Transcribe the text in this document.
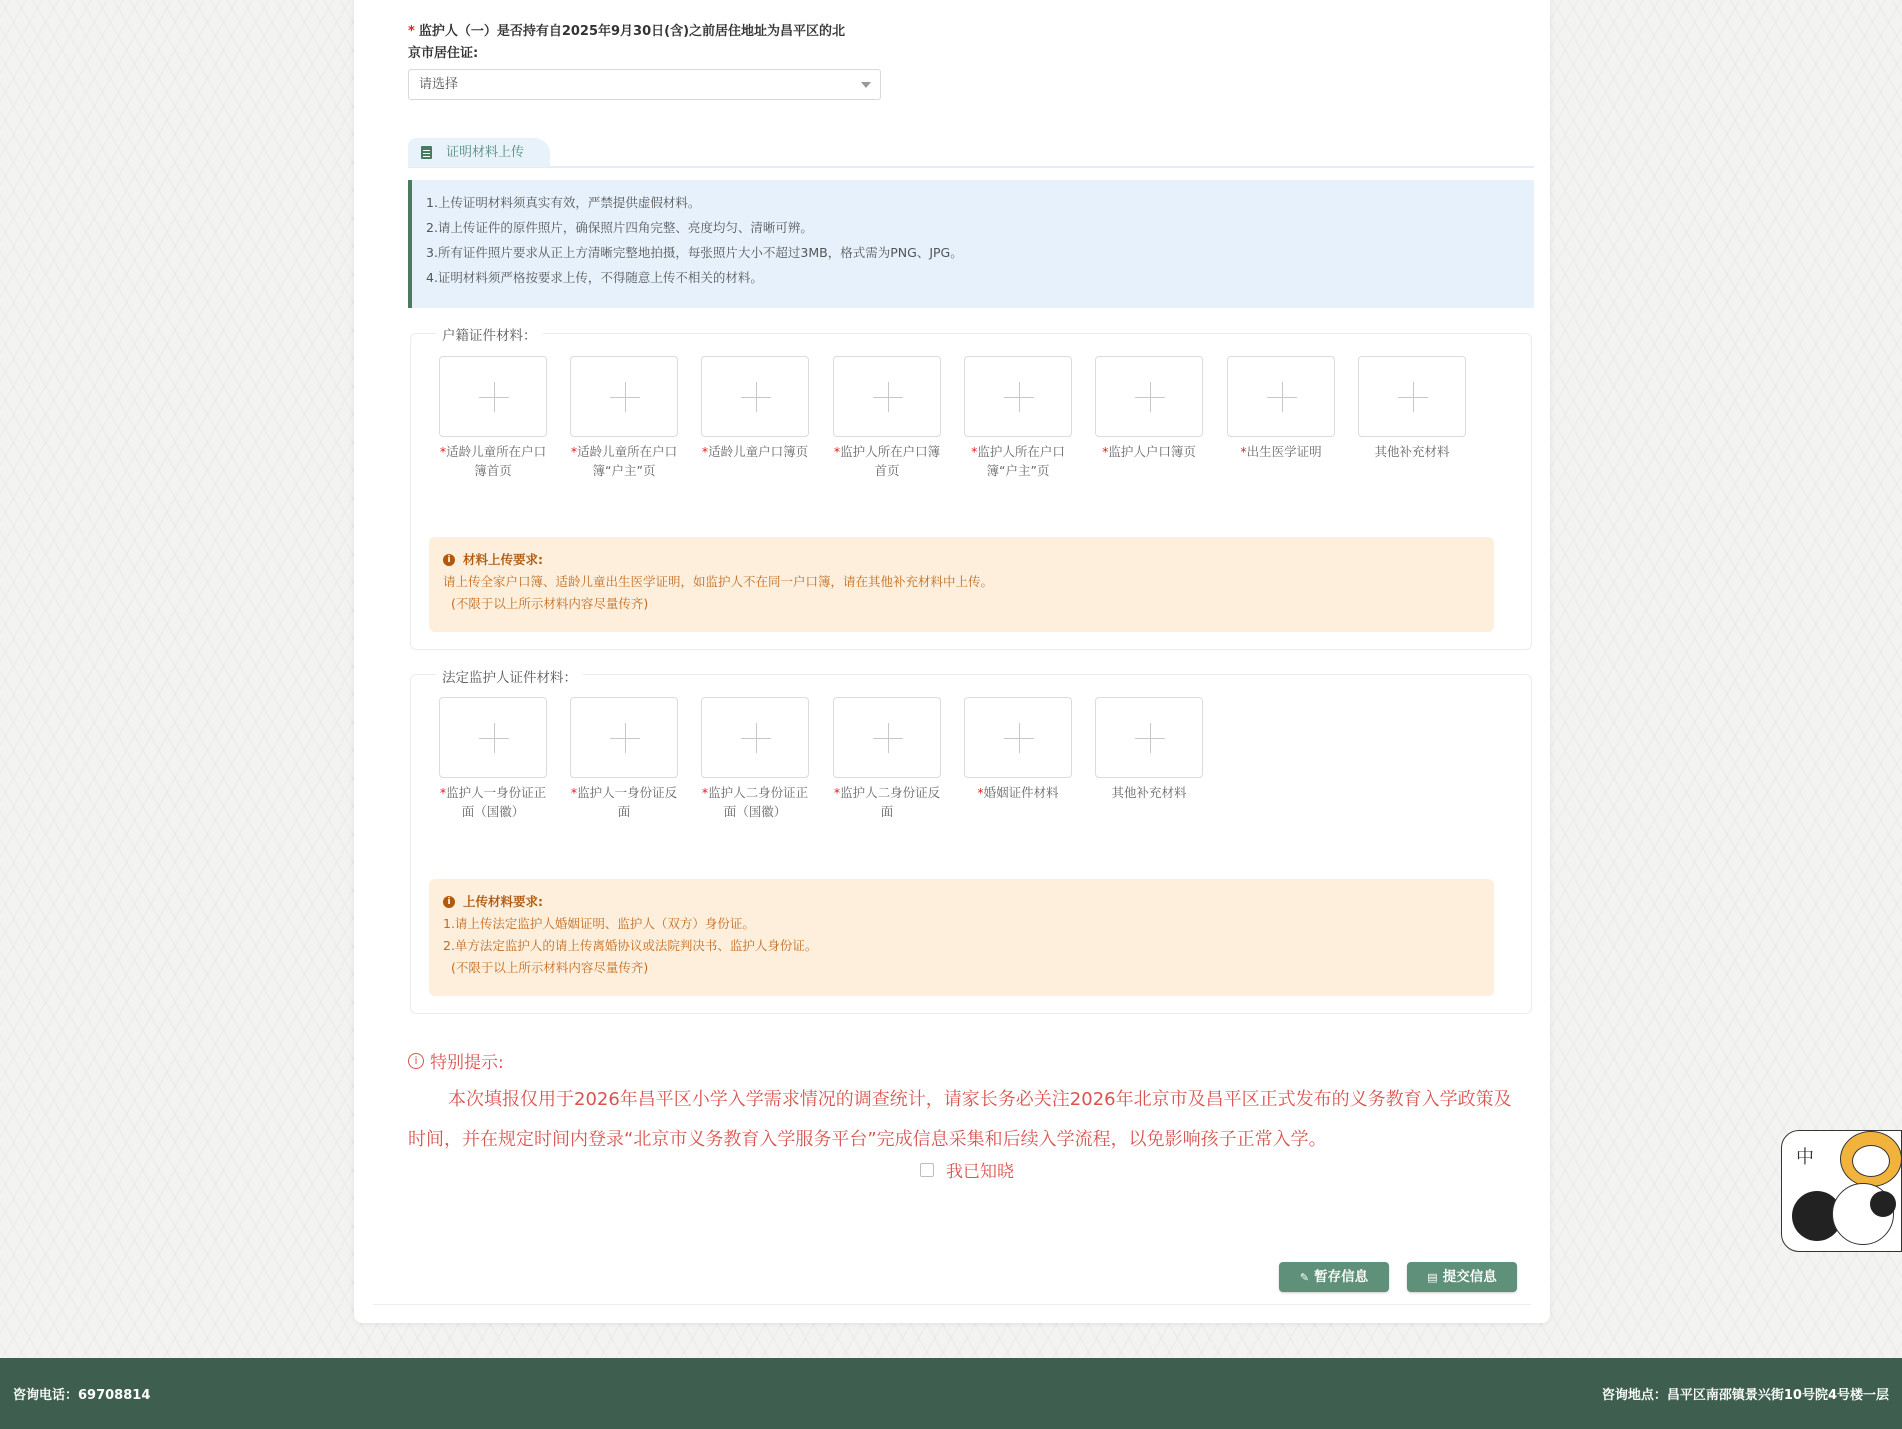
* 监护人（一）是否持有自2025年9月30日(含)之前居住地址为昌平区的北京市居住证:
请选择
证明材料上传
1.上传证明材料须真实有效，严禁提供虚假材料。
2.请上传证件的原件照片，确保照片四角完整、亮度均匀、清晰可辨。
3.所有证件照片要求从正上方清晰完整地拍摄，每张照片大小不超过3MB，格式需为PNG、JPG。
4.证明材料须严格按要求上传，不得随意上传不相关的材料。
户籍证件材料：
*适龄儿童所在户口簿首页
*适龄儿童所在户口簿“户主”页
*适龄儿童户口簿页 *监护人所在户口簿首页
*监护人所在户口簿“户主”页
*监护人户口簿页	*出生医学证明	其他补充材料
i 材料上传要求:
请上传全家户口簿、适龄儿童出生医学证明，如监护人不在同一户口簿，请在其他补充材料中上传。
(不限于以上所示材料内容尽量传齐)
法定监护人证件材料：
*监护人一身份证正面（国徽）
*监护人一身份证反面
*监护人二身份证正面（国徽）
*监护人二身份证反面
*婚姻证件材料	其他补充材料
i 上传材料要求:
1.请上传法定监护人婚姻证明、监护人（双方）身份证。
2.单方法定监护人的请上传离婚协议或法院判决书、监护人身份证。
(不限于以上所示材料内容尽量传齐)
i 特别提示:
本次填报仅用于2026年昌平区小学入学需求情况的调查统计，请家长务必关注2026年北京市及昌平区正式发布的义务教育入学政策及时间，并在规定时间内登录“北京市义务教育入学服务平台”完成信息采集和后续入学流程，以免影响孩子正常入学。
我已知晓
✎ 暂存信息	▤ 提交信息
中
咨询电话：69708814	咨询地点：昌平区南邵镇景兴街10号院4号楼一层
